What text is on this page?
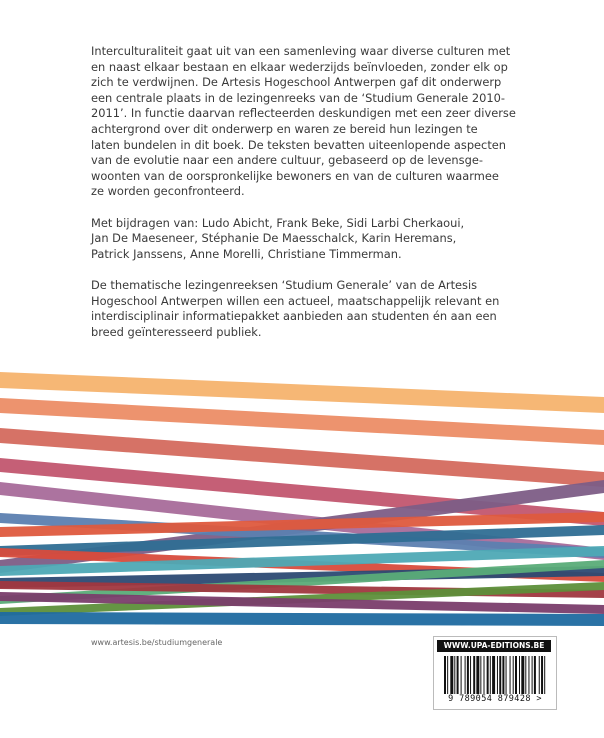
Interculturaliteit gaat uit van een samenleving waar diverse culturen met
en naast elkaar bestaan en elkaar wederzijds beïnvloeden, zonder elk op
zich te verdwijnen. De Artesis Hogeschool Antwerpen gaf dit onderwerp
een centrale plaats in de lezingenreeks van de ‘Studium Generale 2010-
2011’. In functie daarvan reflecteerden deskundigen met een zeer diverse
achtergrond over dit onderwerp en waren ze bereid hun lezingen te
laten bundelen in dit boek. De teksten bevatten uiteenlopende aspecten
van de evolutie naar een andere cultuur, gebaseerd op de levensge-
woonten van de oorspronkelijke bewoners en van de culturen waarmee
ze worden geconfronteerd.

Met bijdragen van: Ludo Abicht, Frank Beke, Sidi Larbi Cherkaoui,
Jan De Maeseneer, Stéphanie De Maesschalck, Karin Heremans,
Patrick Janssens, Anne Morelli, Christiane Timmerman.

De thematische lezingenreeksen ‘Studium Generale’ van de Artesis
Hogeschool Antwerpen willen een actueel, maatschappelijk relevant en
interdisciplinair informatiepakket aanbieden aan studenten én aan een
breed geïnteresseerd publiek.

www.artesis.be/studiumgenerale	WWW.UPA-EDITIONS.BE
9 789054 879428 >
